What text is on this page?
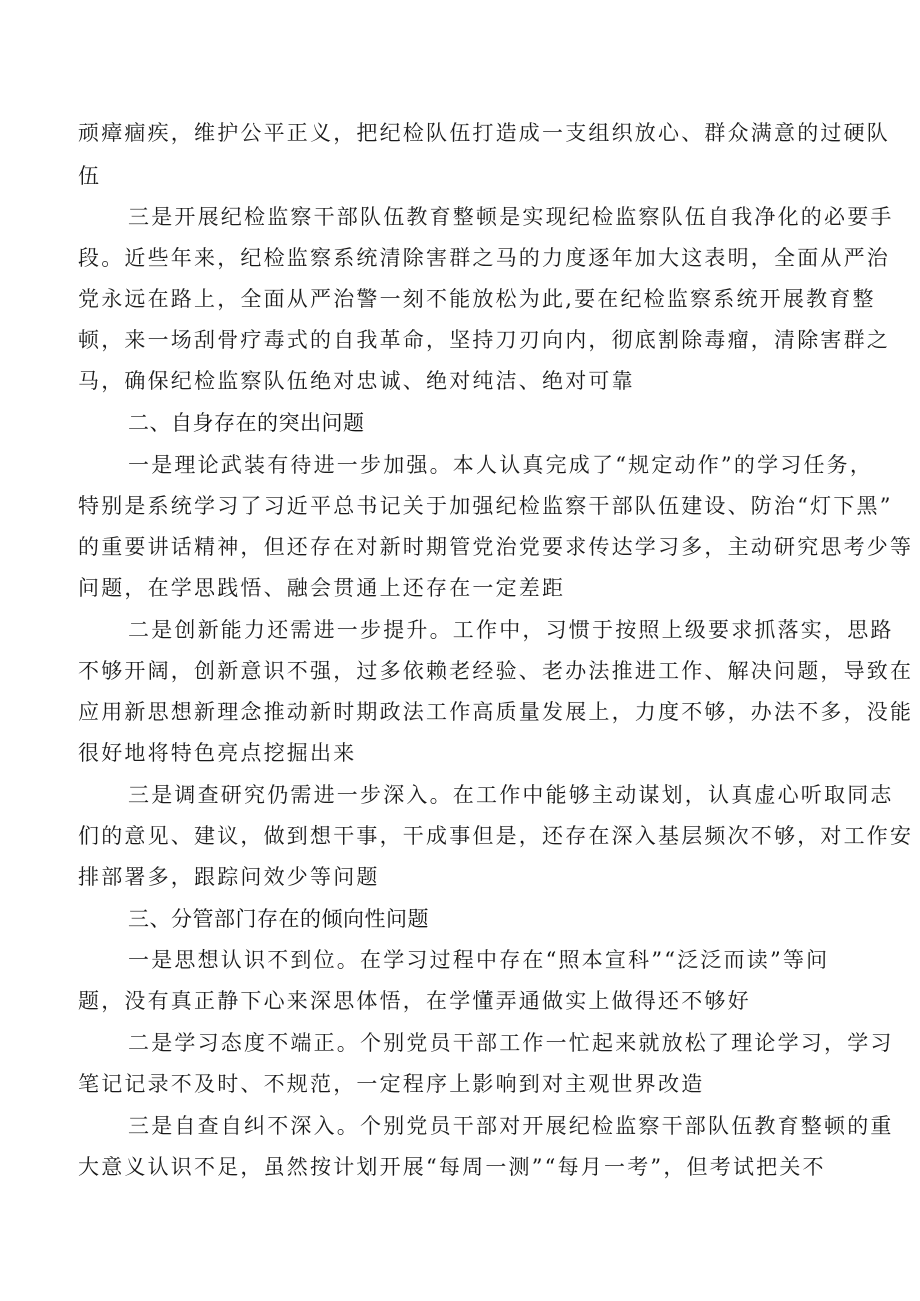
顽瘴痼疾，维护公平正义，把纪检队伍打造成一支组织放心、群众满意的过硬队
伍
三是开展纪检监察干部队伍教育整顿是实现纪检监察队伍自我净化的必要手
段。近些年来，纪检监察系统清除害群之马的力度逐年加大这表明，全面从严治
党永远在路上，全面从严治警一刻不能放松为此,要在纪检监察系统开展教育整
顿，来一场刮骨疗毒式的自我革命，坚持刀刃向内，彻底割除毒瘤，清除害群之
马，确保纪检监察队伍绝对忠诚、绝对纯洁、绝对可靠
二、自身存在的突出问题
一是理论武装有待进一步加强。本人认真完成了“规定动作”的学习任务，
特别是系统学习了习近平总书记关于加强纪检监察干部队伍建设、防治“灯下黑”
的重要讲话精神，但还存在对新时期管党治党要求传达学习多，主动研究思考少等
问题，在学思践悟、融会贯通上还存在一定差距
二是创新能力还需进一步提升。工作中，习惯于按照上级要求抓落实，思路
不够开阔，创新意识不强，过多依赖老经验、老办法推进工作、解决问题，导致在
应用新思想新理念推动新时期政法工作高质量发展上，力度不够，办法不多，没能
很好地将特色亮点挖掘出来
三是调查研究仍需进一步深入。在工作中能够主动谋划，认真虚心听取同志
们的意见、建议，做到想干事，干成事但是，还存在深入基层频次不够，对工作安
排部署多，跟踪问效少等问题
三、分管部门存在的倾向性问题
一是思想认识不到位。在学习过程中存在“照本宣科”“泛泛而读”等问
题，没有真正静下心来深思体悟，在学懂弄通做实上做得还不够好
二是学习态度不端正。个别党员干部工作一忙起来就放松了理论学习，学习
笔记记录不及时、不规范，一定程序上影响到对主观世界改造
三是自查自纠不深入。个别党员干部对开展纪检监察干部队伍教育整顿的重
大意义认识不足，虽然按计划开展“每周一测”“每月一考”，但考试把关不
